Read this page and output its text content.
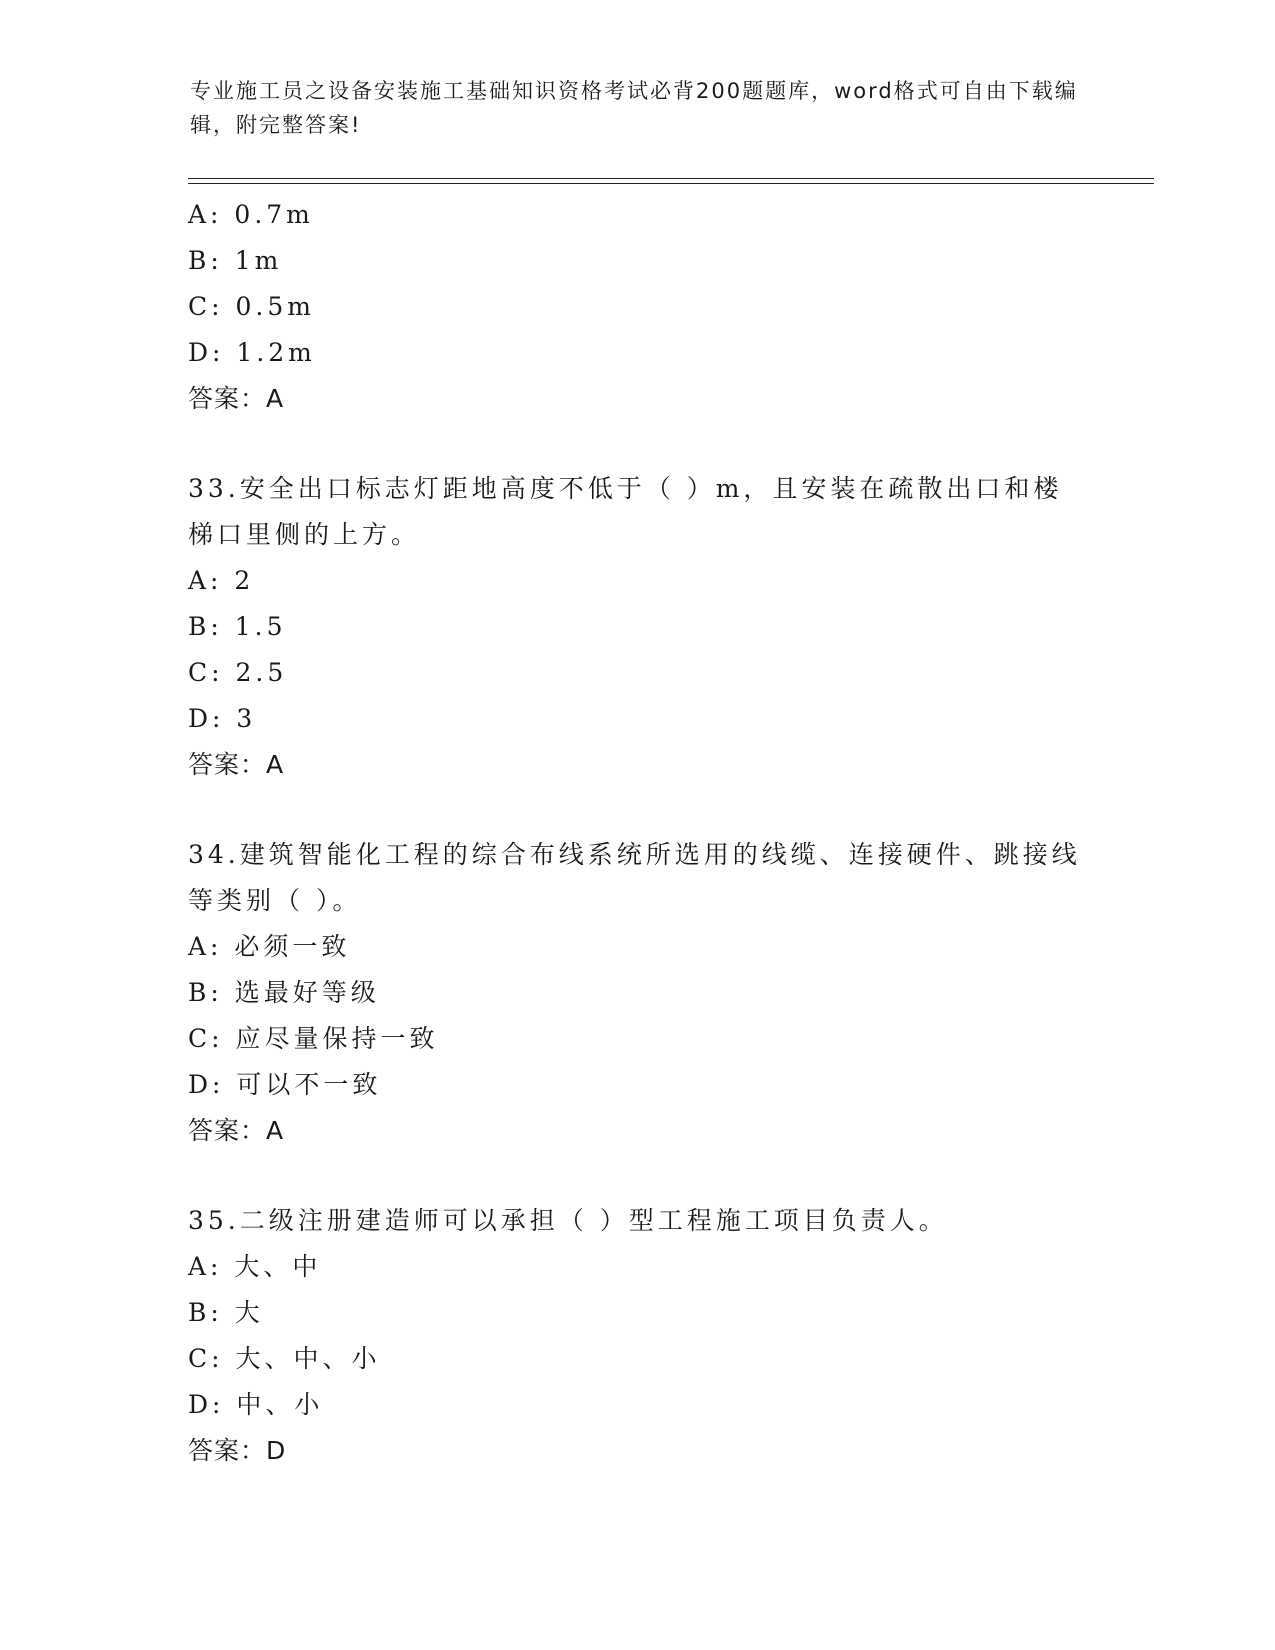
专业施工员之设备安装施工基础知识资格考试必背200题题库，word格式可自由下载编辑，附完整答案!
A: 0.7m
B: 1m
C: 0.5m
D: 1.2m
答案：A
33.安全出口标志灯距地高度不低于（ ）m，且安装在疏散出口和楼梯口里侧的上方。
A: 2
B: 1.5
C: 2.5
D: 3
答案：A
34.建筑智能化工程的综合布线系统所选用的线缆、连接硬件、跳接线等类别（ ）。
A: 必须一致
B: 选最好等级
C: 应尽量保持一致
D: 可以不一致
答案：A
35.二级注册建造师可以承担（ ）型工程施工项目负责人。
A: 大、中
B: 大
C: 大、中、小
D: 中、小
答案：D
